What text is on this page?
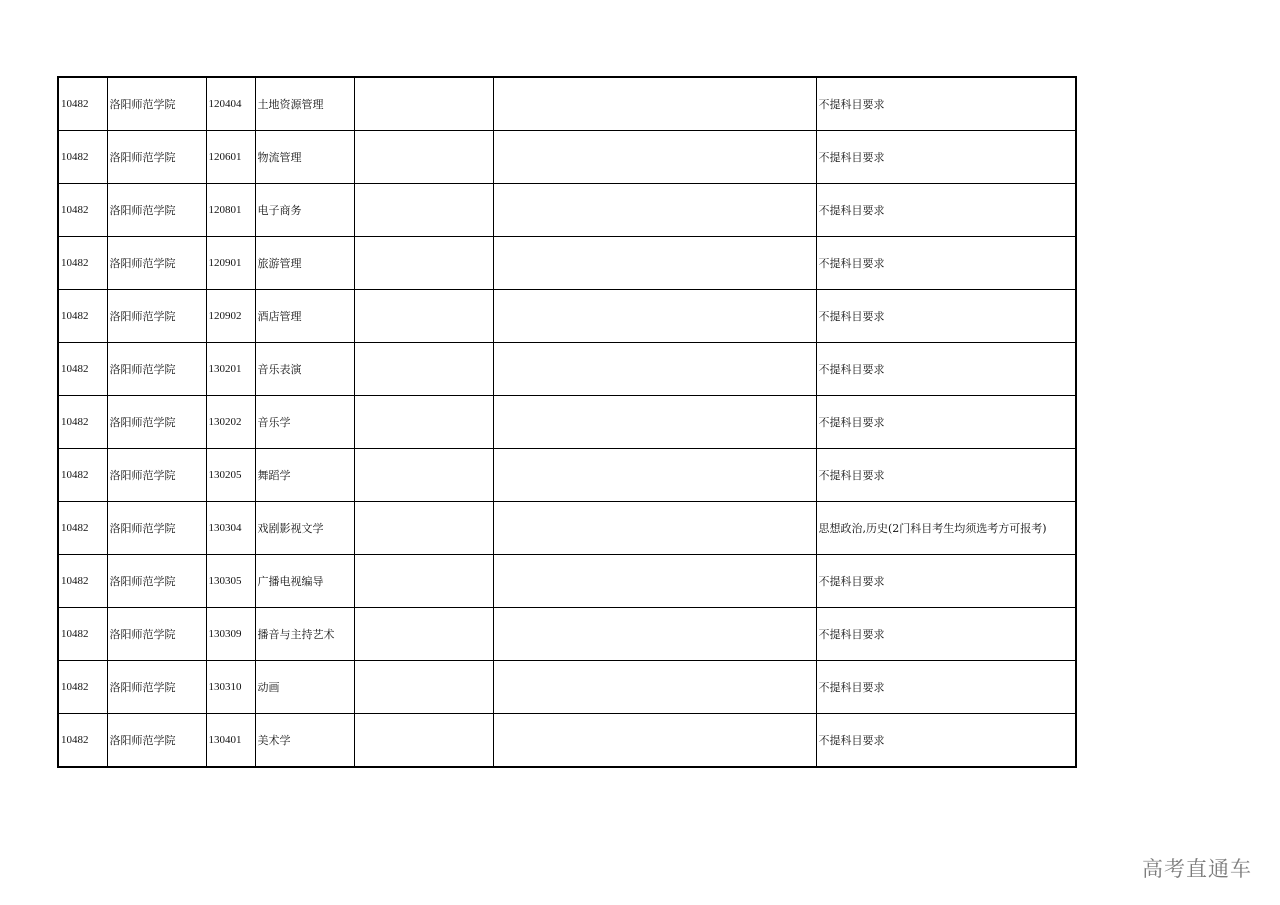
10482	洛阳师范学院	120404	土地资源管理			不提科目要求
10482	洛阳师范学院	120601	物流管理			不提科目要求
10482	洛阳师范学院	120801	电子商务			不提科目要求
10482	洛阳师范学院	120901	旅游管理			不提科目要求
10482	洛阳师范学院	120902	酒店管理			不提科目要求
10482	洛阳师范学院	130201	音乐表演			不提科目要求
10482	洛阳师范学院	130202	音乐学			不提科目要求
10482	洛阳师范学院	130205	舞蹈学			不提科目要求
10482	洛阳师范学院	130304	戏剧影视文学			思想政治,历史(2门科目考生均须选考方可报考)
10482	洛阳师范学院	130305	广播电视编导			不提科目要求
10482	洛阳师范学院	130309	播音与主持艺术			不提科目要求
10482	洛阳师范学院	130310	动画			不提科目要求
10482	洛阳师范学院	130401	美术学			不提科目要求
高考直通车
